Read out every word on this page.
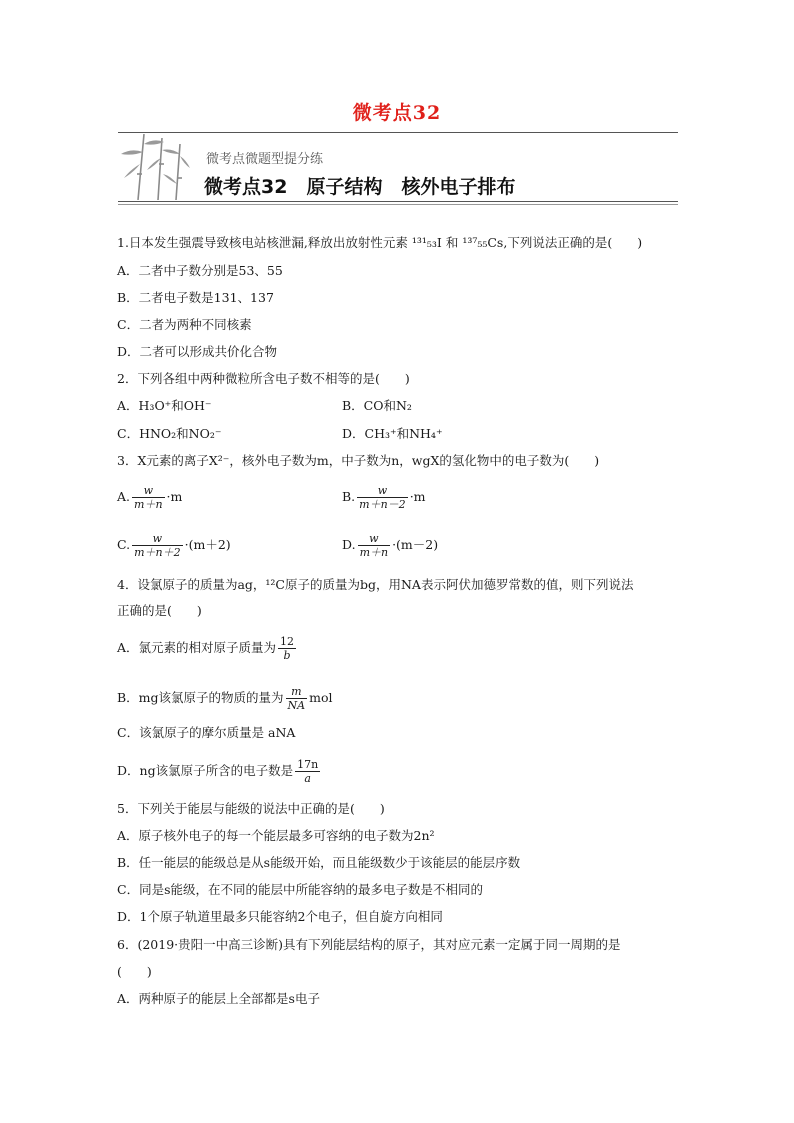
微考点32
微考点微题型提分练
微考点32　原子结构　核外电子排布
1.日本发生强震导致核电站核泄漏,释放出放射性元素 ¹³¹₅₃I 和 ¹³⁷₅₅Cs,下列说法正确的是(　　)
A．二者中子数分别是53、55
B．二者电子数是131、137
C．二者为两种不同核素
D．二者可以形成共价化合物
2．下列各组中两种微粒所含电子数不相等的是(　　)
A．H₃O⁺和OH⁻	B．CO和N₂
C．HNO₂和NO₂⁻	D．CH₃⁺和NH₄⁺
3．X元素的离子X²⁻，核外电子数为m，中子数为n，wgX的氢化物中的电子数为(　　)
A. $\frac{w}{m+n} \cdot m$	B. $\frac{w}{m+n-2} \cdot m$
C. $\frac{w}{m+n+2} \cdot(m+2)$	D. $\frac{w}{m+n} \cdot(m-2)$
4．设氯原子的质量为ag，¹²C原子的质量为bg，用NA表示阿伏加德罗常数的值，则下列说法
正确的是(　　)
A．氯元素的相对原子质量为 $\frac{12}{b}$
B．mg该氯原子的物质的量为 $\frac{m}{NA}$ mol
C．该氯原子的摩尔质量是 aNA
D．ng该氯原子所含的电子数是 $\frac{17n}{a}$
5．下列关于能层与能级的说法中正确的是(　　)
A．原子核外电子的每一个能层最多可容纳的电子数为2n²
B．任一能层的能级总是从s能级开始，而且能级数少于该能层的能层序数
C．同是s能级，在不同的能层中所能容纳的最多电子数是不相同的
D．1个原子轨道里最多只能容纳2个电子，但自旋方向相同
6．(2019·贵阳一中高三诊断)具有下列能层结构的原子，其对应元素一定属于同一周期的是
(　　)
A．两种原子的能层上全部都是s电子
